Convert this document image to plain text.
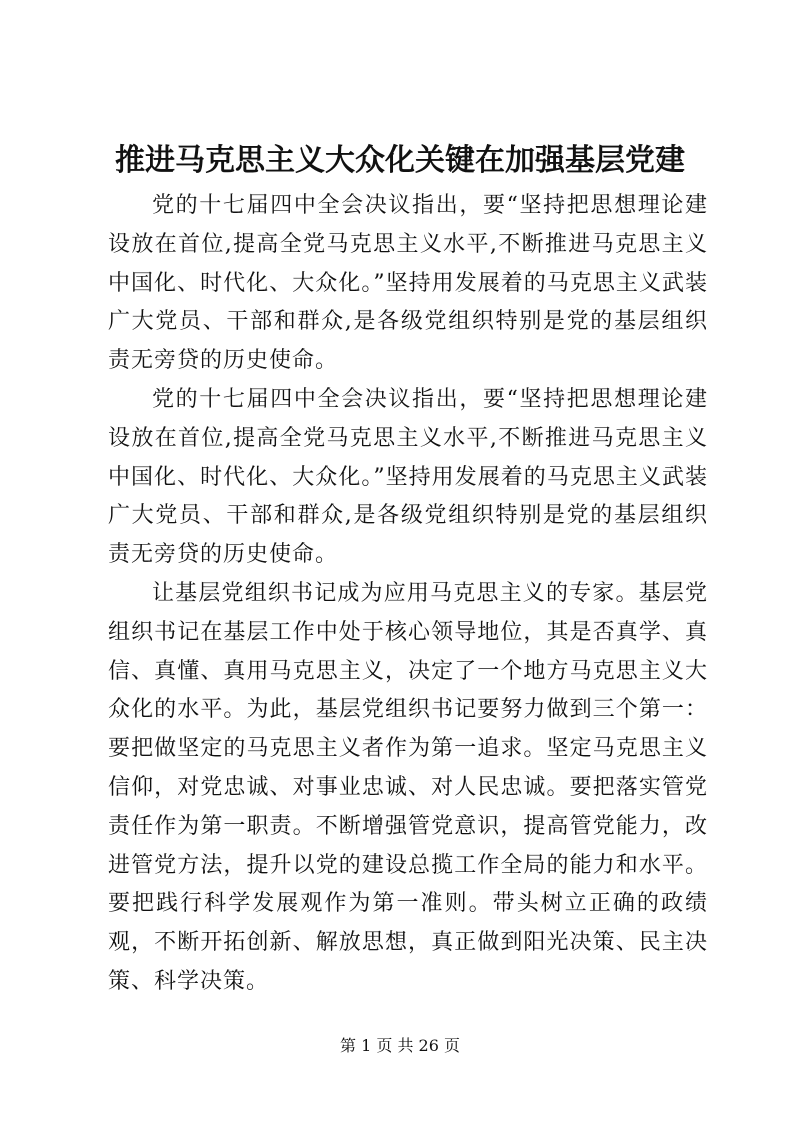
推进马克思主义大众化关键在加强基层党建

党的十七届四中全会决议指出，要“坚持把思想理论建设放在首位,提高全党马克思主义水平,不断推进马克思主义中国化、时代化、大众化。”坚持用发展着的马克思主义武装广大党员、干部和群众,是各级党组织特别是党的基层组织责无旁贷的历史使命。

党的十七届四中全会决议指出，要“坚持把思想理论建设放在首位,提高全党马克思主义水平,不断推进马克思主义中国化、时代化、大众化。”坚持用发展着的马克思主义武装广大党员、干部和群众,是各级党组织特别是党的基层组织责无旁贷的历史使命。

让基层党组织书记成为应用马克思主义的专家。基层党组织书记在基层工作中处于核心领导地位，其是否真学、真信、真懂、真用马克思主义，决定了一个地方马克思主义大众化的水平。为此，基层党组织书记要努力做到三个第一：要把做坚定的马克思主义者作为第一追求。坚定马克思主义信仰，对党忠诚、对事业忠诚、对人民忠诚。要把落实管党责任作为第一职责。不断增强管党意识，提高管党能力，改进管党方法，提升以党的建设总揽工作全局的能力和水平。要把践行科学发展观作为第一准则。带头树立正确的政绩观，不断开拓创新、解放思想，真正做到阳光决策、民主决策、科学决策。

第 1 页 共 26 页
